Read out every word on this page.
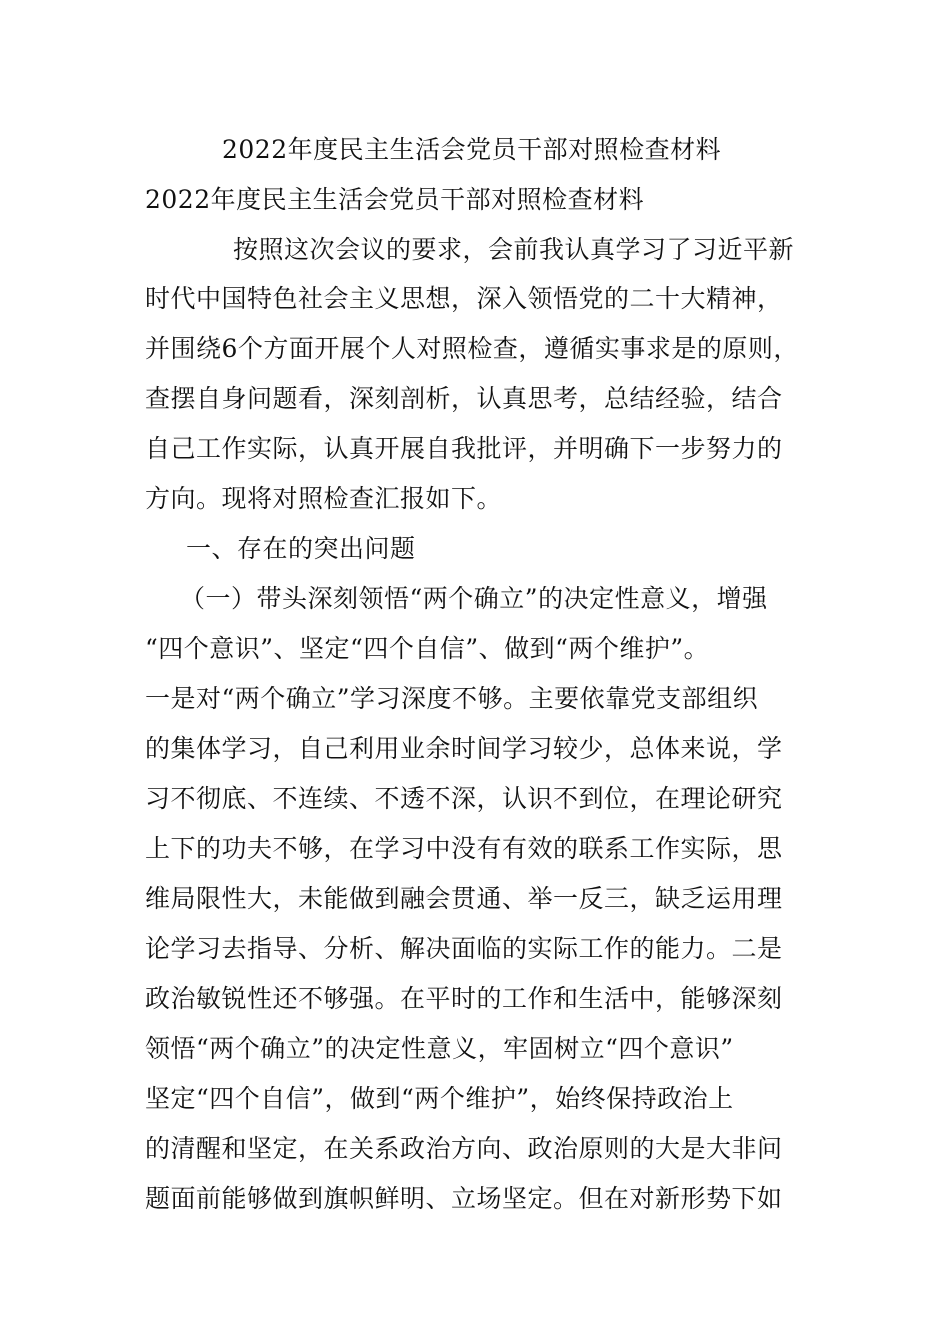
2022年度民主生活会党员干部对照检查材料
2022年度民主生活会党员干部对照检查材料
按照这次会议的要求，会前我认真学习了习近平新
时代中国特色社会主义思想，深入领悟党的二十大精神，
并围绕6个方面开展个人对照检查，遵循实事求是的原则，
查摆自身问题看，深刻剖析，认真思考，总结经验，结合
自己工作实际，认真开展自我批评，并明确下一步努力的
方向。现将对照检查汇报如下。
一、存在的突出问题
（一）带头深刻领悟“两个确立”的决定性意义，增强
“四个意识”、坚定“四个自信”、做到“两个维护”。
一是对“两个确立”学习深度不够。主要依靠党支部组织
的集体学习，自己利用业余时间学习较少，总体来说，学
习不彻底、不连续、不透不深，认识不到位，在理论研究
上下的功夫不够，在学习中没有有效的联系工作实际，思
维局限性大，未能做到融会贯通、举一反三，缺乏运用理
论学习去指导、分析、解决面临的实际工作的能力。二是
政治敏锐性还不够强。在平时的工作和生活中，能够深刻
领悟“两个确立”的决定性意义，牢固树立“四个意识”
坚定“四个自信”，做到“两个维护”，始终保持政治上
的清醒和坚定，在关系政治方向、政治原则的大是大非问
题面前能够做到旗帜鲜明、立场坚定。但在对新形势下如
